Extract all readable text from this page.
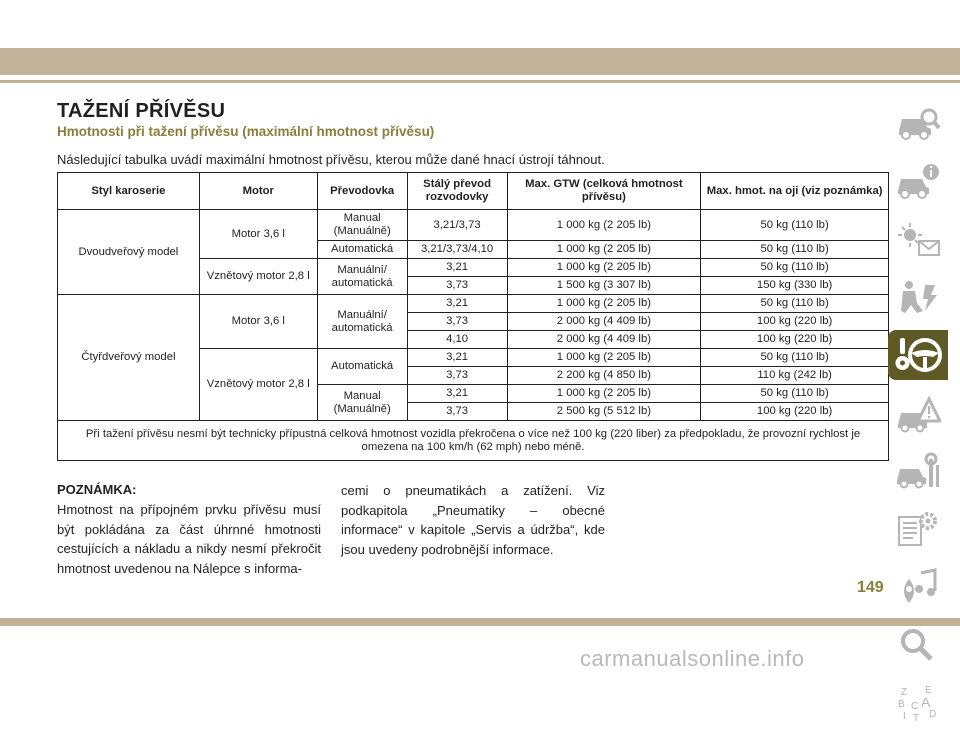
TAŽENÍ PŘÍVĚSU
Hmotnosti při tažení přívěsu (maximální hmotnost přívěsu)
Následující tabulka uvádí maximální hmotnost přívěsu, kterou může dané hnací ústrojí táhnout.
Styl karoserie	Motor	Převodovka	Stálý převod rozvodovky	Max. GTW (celková hmotnost přívěsu)	Max. hmot. na oji (viz poznámka)
Dvoudveřový model	Motor 3,6 l	Manual (Manuálně)	3,21/3,73	1 000 kg (2 205 lb)	50 kg (110 lb)
		Automatická	3,21/3,73/4,10	1 000 kg (2 205 lb)	50 kg (110 lb)
	Vznětový motor 2,8 l	Manuální/ automatická	3,21	1 000 kg (2 205 lb)	50 kg (110 lb)
			3,73	1 500 kg (3 307 lb)	150 kg (330 lb)
Čtyřdveřový model	Motor 3,6 l	Manuální/ automatická	3,21	1 000 kg (2 205 lb)	50 kg (110 lb)
			3,73	2 000 kg (4 409 lb)	100 kg (220 lb)
			4,10	2 000 kg (4 409 lb)	100 kg (220 lb)
	Vznětový motor 2,8 l	Automatická	3,21	1 000 kg (2 205 lb)	50 kg (110 lb)
			3,73	2 200 kg (4 850 lb)	110 kg (242 lb)
		Manual (Manuálně)	3,21	1 000 kg (2 205 lb)	50 kg (110 lb)
			3,73	2 500 kg (5 512 lb)	100 kg (220 lb)
Při tažení přívěsu nesmí být technicky přípustná celková hmotnost vozidla překročena o více než 100 kg (220 liber) za předpokladu, že provozní rychlost je omezena na 100 km/h (62 mph) nebo méně.					
POZNÁMKA:
Hmotnost na přípojném prvku přívěsu musí být pokládána za část úhrnné hmotnosti cestujících a nákladu a nikdy nesmí překročit hmotnost uvedenou na Nálepce s informa-
cemi o pneumatikách a zatížení. Viz podkapitola „Pneumatiky – obecné informace“ v kapitole „Servis a údržba“, kde jsou uvedeny podrobnější informace.
Z E
B A
C
D
I T
149
carmanualsonline.info
